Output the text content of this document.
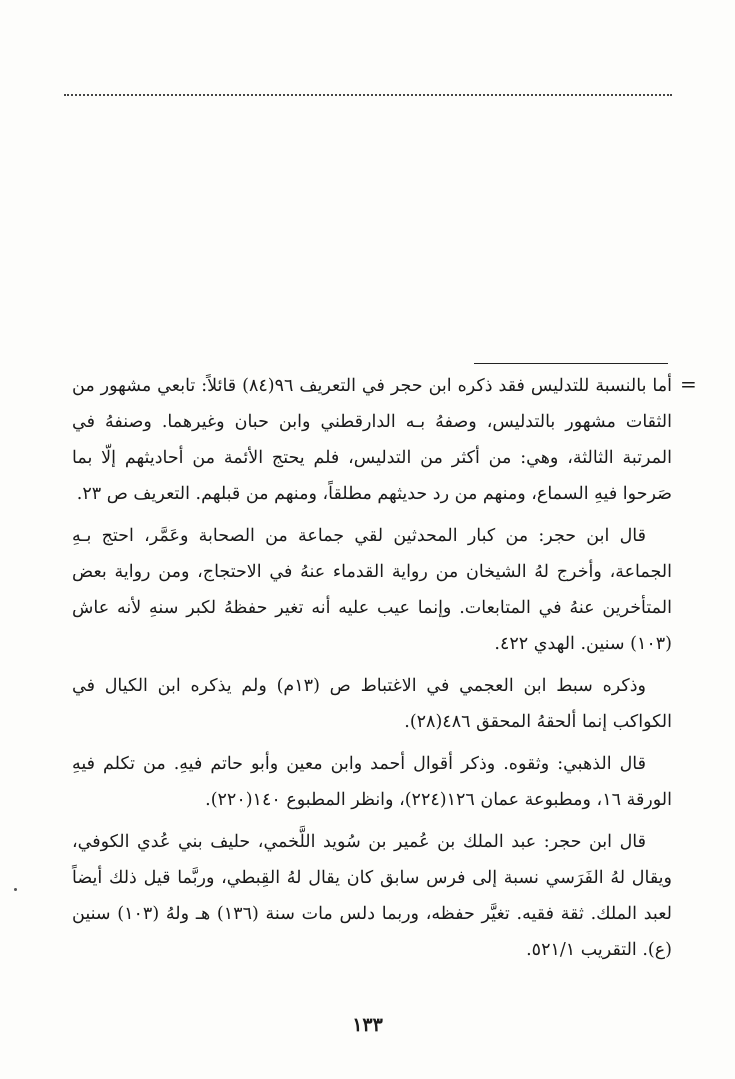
=

أما بالنسبة للتدليس فقد ذكره ابن حجر في التعريف ٩٦(٨٤) قائلاً: تابعي مشهور من الثقات مشهور بالتدليس، وصفهُ بـه الدارقطني وابن حبان وغيرهما. وصنفهُ في المرتبة الثالثة، وهي: من أكثر من التدليس، فلم يحتج الأئمة من أحاديثهم إلّا بما صَرحوا فيهِ السماع، ومنهم من رد حديثهم مطلقاً، ومنهم من قبلهم. التعريف ص ٢٣.

قال ابن حجر: من كبار المحدثين لقي جماعة من الصحابة وعَمَّر، احتج بـهِ الجماعة، وأخرج لهُ الشيخان من رواية القدماء عنهُ في الاحتجاج، ومن رواية بعض المتأخرين عنهُ في المتابعات. وإنما عيب عليه أنه تغير حفظهُ لكبر سنهِ لأنه عاش (١٠٣) سنين. الهدي ٤٢٢.

وذكره سبط ابن العجمي في الاغتباط ص (١٣م) ولم يذكره ابن الكيال في الكواكب إنما ألحقهُ المحقق ٤٨٦(٢٨).

قال الذهبي: وثقوه. وذكر أقوال أحمد وابن معين وأبو حاتم فيهِ. من تكلم فيهِ الورقة ١٦، ومطبوعة عمان ١٢٦(٢٢٤)، وانظر المطبوع ١٤٠(٢٢٠).

قال ابن حجر: عبد الملك بن عُمير بن سُويد اللَّخمي، حليف بني عُدي الكوفي، ويقال لهُ الفَرَسي نسبة إلى فرس سابق كان يقال لهُ القِبطي، وربَّما قيل ذلك أيضاً لعبد الملك. ثقة فقيه. تغيَّر حفظه، وربما دلس مات سنة (١٣٦) هـ ولهُ (١٠٣) سنين (ع). التقريب ٥٢١/١.

١٣٣
